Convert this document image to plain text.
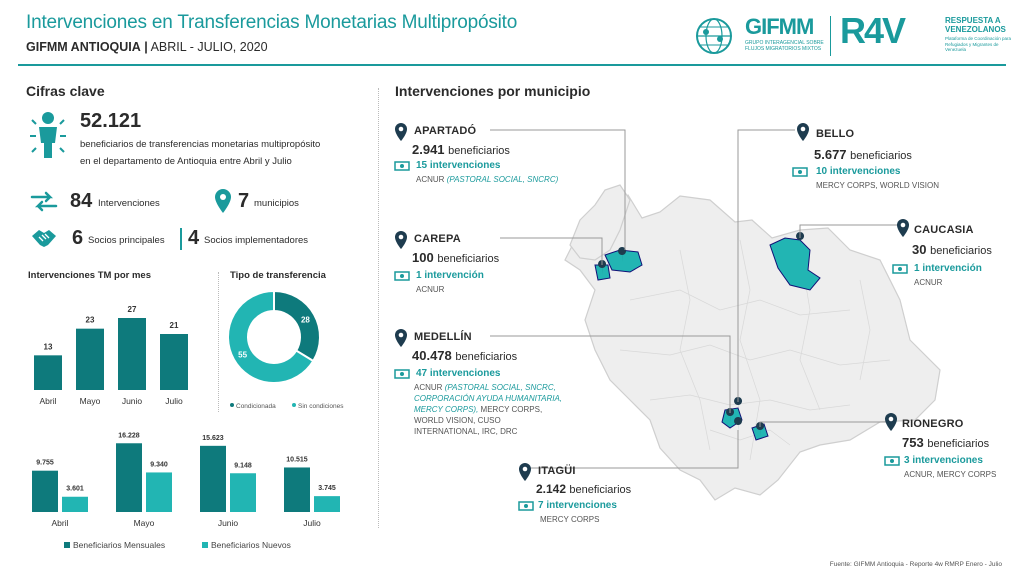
Intervenciones en Transferencias Monetarias Multipropósito
GIFMM ANTIOQUIA | ABRIL - JULIO, 2020
GIFMM
GRUPO INTERAGENCIAL SOBRE FLUJOS MIGRATORIOS MIXTOS R4V	RESPUESTA A VENEZOLANOS
Plataforma de Coordinación para Refugiados y Migrantes de Venezuela
Cifras clave
52.121
beneficiarios de transferencias monetarias multipropósito
en el departamento de Antioquia entre Abril y Julio
84 Intervenciones	7 municipios
6 Socios principales 4 Socios implementadores
Intervenciones TM por mes
13
Abril
23
Mayo
27
Junio
21
Julio
Tipo de transferencia
28
55
Condicionada	Sin condiciones
9.755
3.601
Abril
16.228
9.340
Mayo
15.623
9.148
Junio
10.515
3.745
Julio
Beneficiarios Mensuales	Beneficiarios Nuevos
Intervenciones por municipio
APARTADÓ
2.941 beneficiarios
15 intervenciones
ACNUR (PASTORAL SOCIAL, SNCRC)
CAREPA
100 beneficiarios
1 intervención
ACNUR
MEDELLÍN
40.478 beneficiarios
47 intervenciones
ACNUR (PASTORAL SOCIAL, SNCRC, CORPORACIÓN AYUDA HUMANITARIA, MERCY CORPS), MERCY CORPS, WORLD VISION, CUSO INTERNATIONAL, IRC, DRC
ITAGÜI
2.142 beneficiarios
7 intervenciones
MERCY CORPS
BELLO
5.677 beneficiarios
10 intervenciones
MERCY CORPS, WORLD VISION
CAUCASIA
30 beneficiarios
1 intervención
ACNUR
RIONEGRO
753 beneficiarios
3 intervenciones
ACNUR, MERCY CORPS
Fuente: GIFMM Antioquia - Reporte 4w RMRP Enero - Julio
